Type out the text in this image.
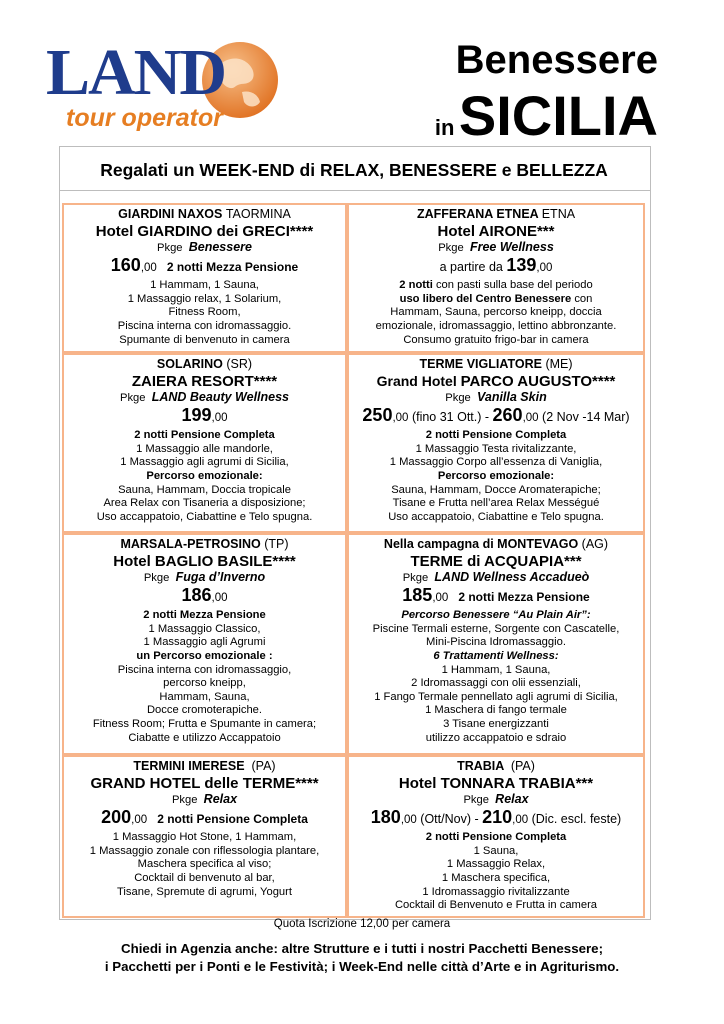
LAND
tour operator
Benessere
in SICILIA
Regalati un WEEK-END di RELAX, BENESSERE e BELLEZZA
GIARDINI NAXOS TAORMINA
Hotel GIARDINO dei GRECI****
Pkge Benessere
160,00 2 notti Mezza Pensione
1 Hammam, 1 Sauna,
1 Massaggio relax, 1 Solarium,
Fitness Room,
Piscina interna con idromassaggio.
Spumante di benvenuto in camera
ZAFFERANA ETNEA ETNA
Hotel AIRONE***
Pkge Free Wellness
a partire da 139,00
2 notti con pasti sulla base del periodo
uso libero del Centro Benessere con
Hammam, Sauna, percorso kneipp, doccia
emozionale, idromassaggio, lettino abbronzante.
Consumo gratuito frigo-bar in camera
SOLARINO (SR)
ZAIERA RESORT****
Pkge LAND Beauty Wellness
199,00
2 notti Pensione Completa
1 Massaggio alle mandorle,
1 Massaggio agli agrumi di Sicilia,
Percorso emozionale:
Sauna, Hammam, Doccia tropicale
Area Relax con Tisaneria a disposizione;
Uso accappatoio, Ciabattine e Telo spugna.
TERME VIGLIATORE (ME)
Grand Hotel PARCO AUGUSTO****
Pkge Vanilla Skin
250,00 (fino 31 Ott.) - 260,00 (2 Nov -14 Mar)
2 notti Pensione Completa
1 Massaggio Testa rivitalizzante,
1 Massaggio Corpo all’essenza di Vaniglia,
Percorso emozionale:
Sauna, Hammam, Docce Aromaterapiche;
Tisane e Frutta nell’area Relax Mességué
Uso accappatoio, Ciabattine e Telo spugna.
MARSALA-PETROSINO (TP)
Hotel BAGLIO BASILE****
Pkge Fuga d’Inverno
186,00
2 notti Mezza Pensione
1 Massaggio Classico,
1 Massaggio agli Agrumi
un Percorso emozionale :
Piscina interna con idromassaggio,
percorso kneipp,
Hammam, Sauna,
Docce cromoterapiche.
Fitness Room; Frutta e Spumante in camera;
Ciabatte e utilizzo Accappatoio
Nella campagna di MONTEVAGO (AG)
TERME di ACQUAPIA***
Pkge LAND Wellness Accadueò
185,00 2 notti Mezza Pensione
Percorso Benessere “Au Plain Air”:
Piscine Termali esterne, Sorgente con Cascatelle,
Mini-Piscina Idromassaggio.
6 Trattamenti Wellness:
1 Hammam, 1 Sauna,
2 Idromassaggi con olii essenziali,
1 Fango Termale pennellato agli agrumi di Sicilia,
1 Maschera di fango termale
3 Tisane energizzanti
utilizzo accappatoio e sdraio
TERMINI IMERESE (PA)
GRAND HOTEL delle TERME****
Pkge Relax
200,00 2 notti Pensione Completa
1 Massaggio Hot Stone, 1 Hammam,
1 Massaggio zonale con riflessologia plantare,
Maschera specifica al viso;
Cocktail di benvenuto al bar,
Tisane, Spremute di agrumi, Yogurt
TRABIA (PA)
Hotel TONNARA TRABIA***
Pkge Relax
180,00 (Ott/Nov) - 210,00 (Dic. escl. feste)
2 notti Pensione Completa
1 Sauna,
1 Massaggio Relax,
1 Maschera specifica,
1 Idromassaggio rivitalizzante
Cocktail di Benvenuto e Frutta in camera
Quota Iscrizione 12,00 per camera
Chiedi in Agenzia anche: altre Strutture e i tutti i nostri Pacchetti Benessere;
i Pacchetti per i Ponti e le Festività; i Week-End nelle città d’Arte e in Agriturismo.
